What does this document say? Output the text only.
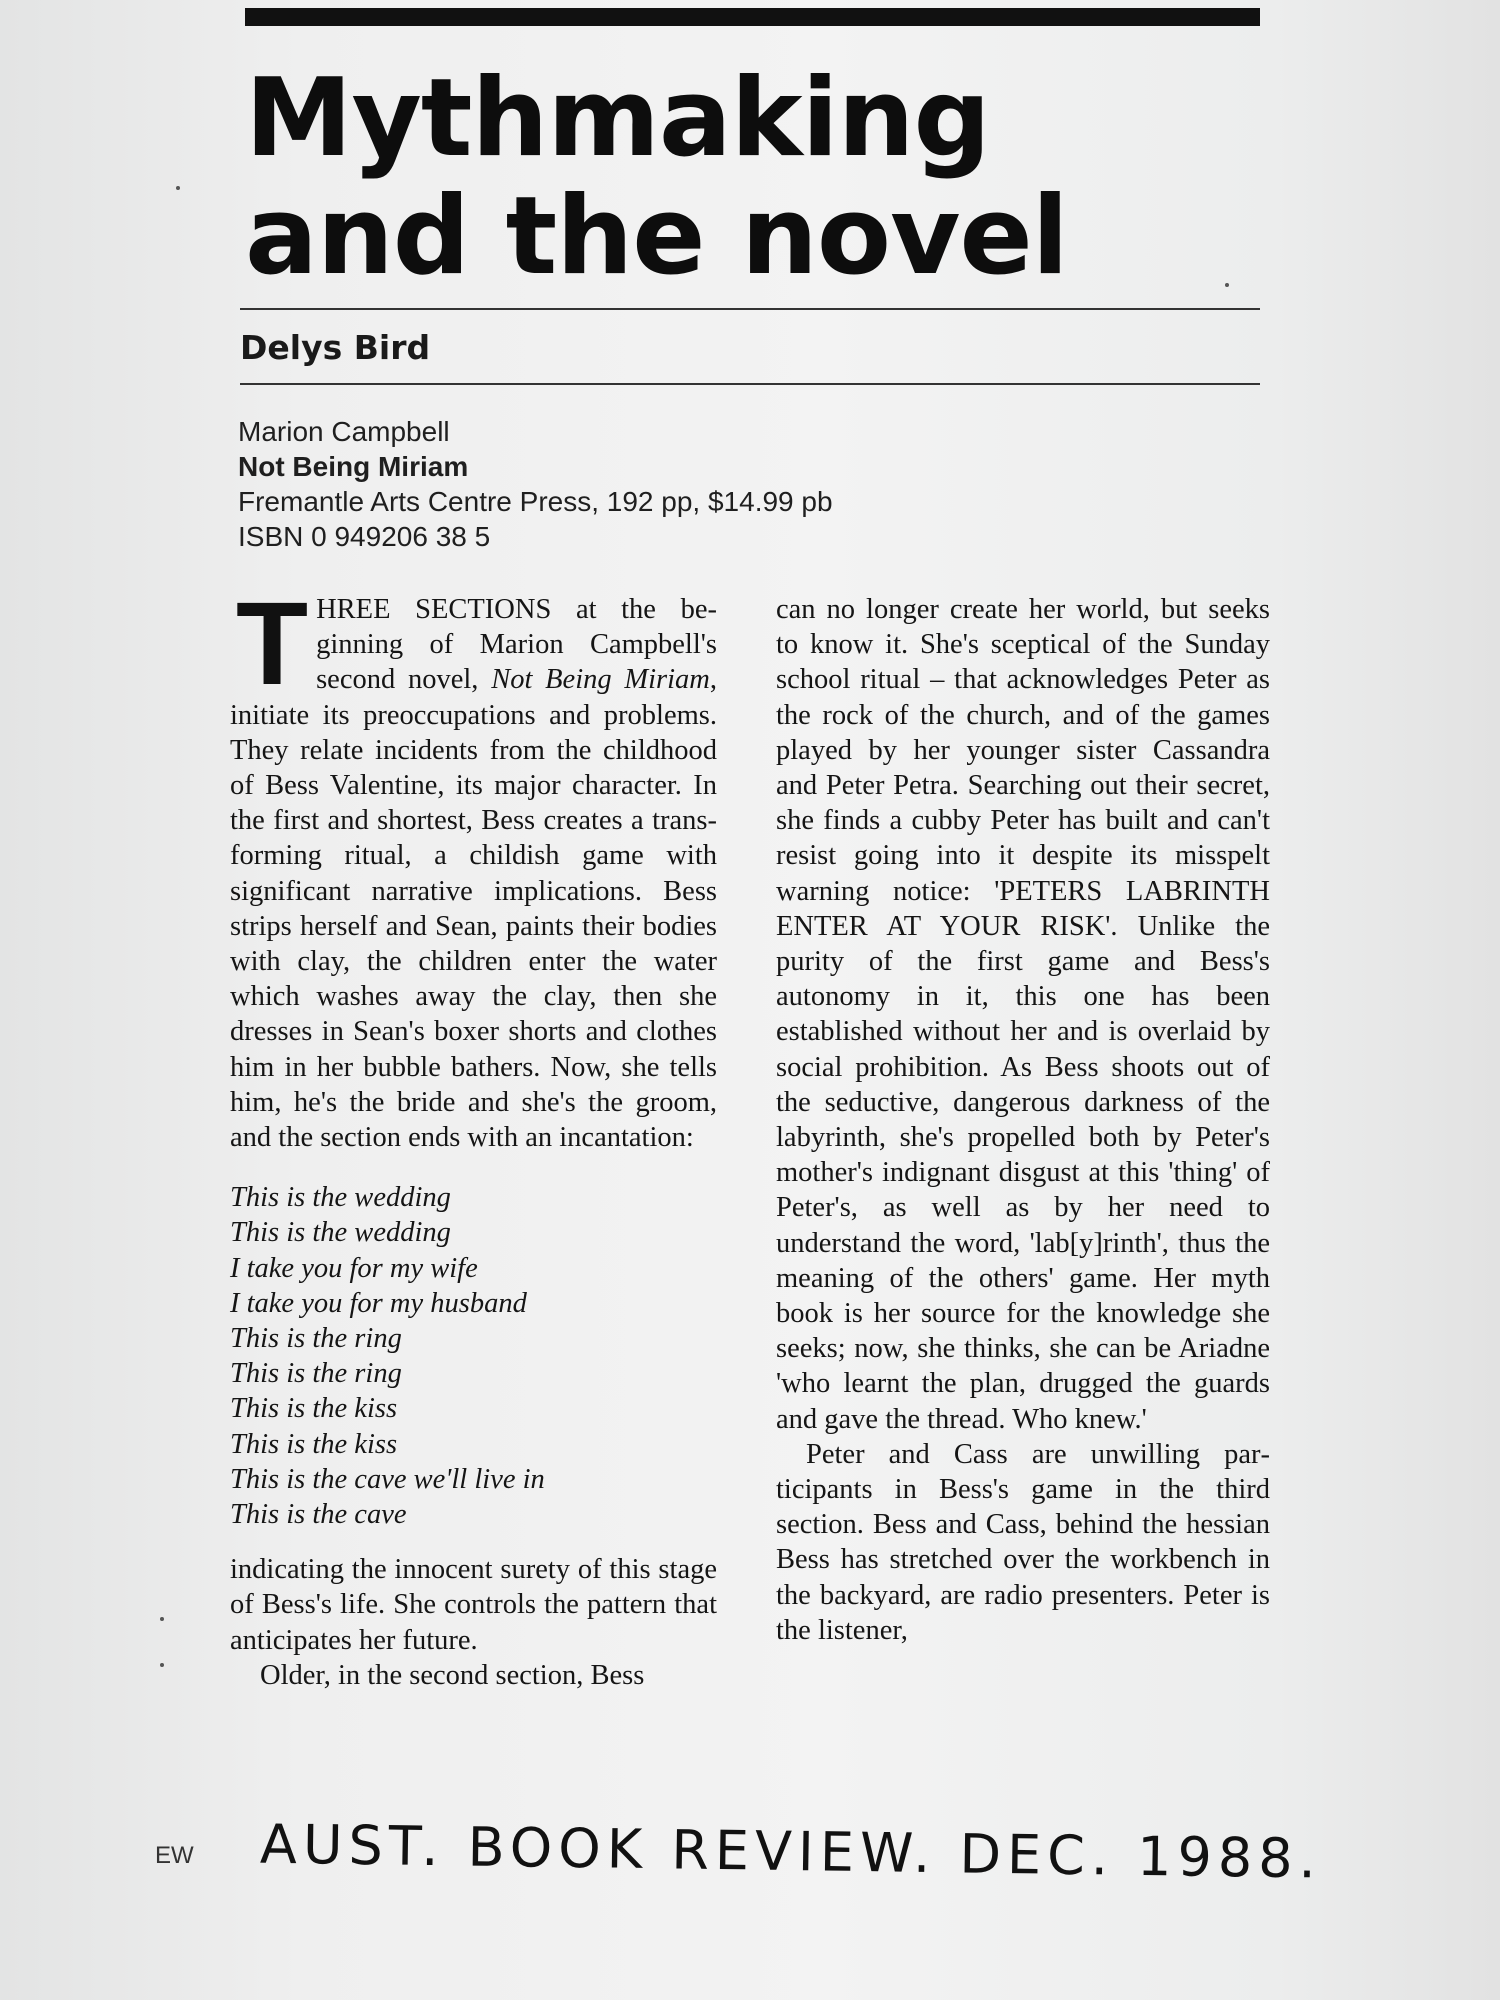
Mythmaking
and the novel
Delys Bird
Marion Campbell
Not Being Miriam
Fremantle Arts Centre Press, 192 pp, $14.99 pb
ISBN 0 949206 38 5

THREE SECTIONS at the beginning of Marion Campbell's second novel, Not Being Miriam, initiate its preoccupations and problems. They relate incidents from the childhood of Bess Valentine, its major character. In the first and shortest, Bess creates a transforming ritual, a childish game with significant narrative implications. Bess strips herself and Sean, paints their bodies with clay, the children enter the water which washes away the clay, then she dresses in Sean's boxer shorts and clothes him in her bubble bathers. Now, she tells him, he's the bride and she's the groom, and the section ends with an incantation:

This is the wedding
This is the wedding
I take you for my wife
I take you for my husband
This is the ring
This is the ring
This is the kiss
This is the kiss
This is the cave we'll live in
This is the cave

indicating the innocent surety of this stage of Bess's life. She controls the pattern that anticipates her future.

Older, in the second section, Bess

can no longer create her world, but seeks to know it. She's sceptical of the Sunday school ritual – that acknowledges Peter as the rock of the church, and of the games played by her younger sister Cassandra and Peter Petra. Searching out their secret, she finds a cubby Peter has built and can't resist going into it despite its misspelt warning notice: 'PETERS LABRINTH ENTER AT YOUR RISK'. Unlike the purity of the first game and Bess's autonomy in it, this one has been established without her and is overlaid by social prohibition. As Bess shoots out of the seductive, dangerous darkness of the labyrinth, she's propelled both by Peter's mother's indignant disgust at this 'thing' of Peter's, as well as by her need to understand the word, 'lab[y]rinth', thus the meaning of the others' game. Her myth book is her source for the knowledge she seeks; now, she thinks, she can be Ariadne 'who learnt the plan, drugged the guards and gave the thread. Who knew.'

Peter and Cass are unwilling participants in Bess's game in the third section. Bess and Cass, behind the hessian Bess has stretched over the workbench in the backyard, are radio presenters. Peter is the listener,

EW AUST. BOOK REVIEW. DEC. 1988.
